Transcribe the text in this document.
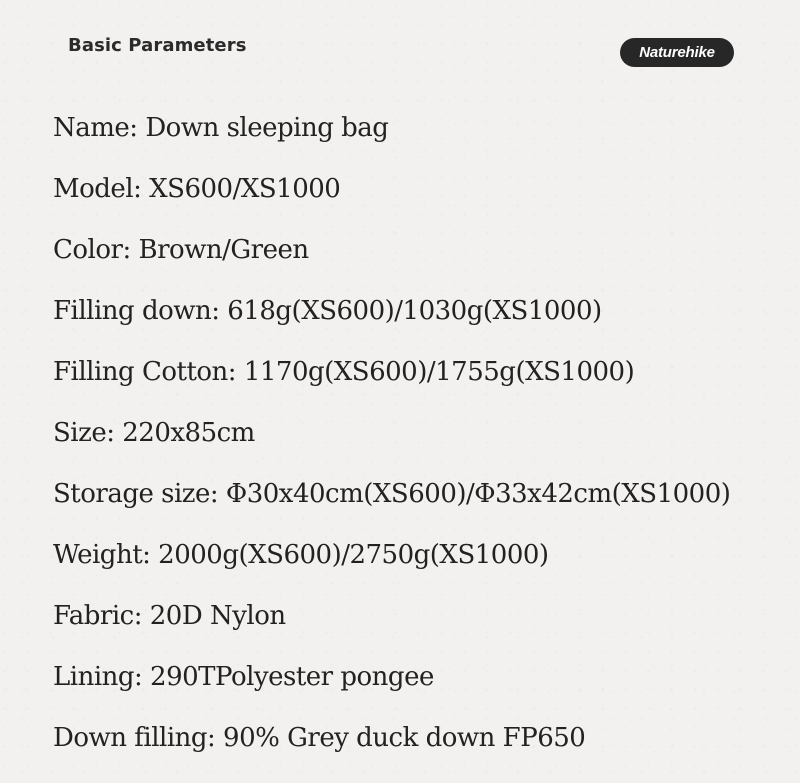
Basic Parameters	Naturehike
Name: Down sleeping bag
Model: XS600/XS1000
Color: Brown/Green
Filling down: 618g(XS600)/1030g(XS1000)
Filling Cotton: 1170g(XS600)/1755g(XS1000)
Size: 220x85cm
Storage size: Φ30x40cm(XS600)/Φ33x42cm(XS1000)
Weight: 2000g(XS600)/2750g(XS1000)
Fabric: 20D Nylon
Lining: 290TPolyester pongee
Down filling: 90% Grey duck down FP650
